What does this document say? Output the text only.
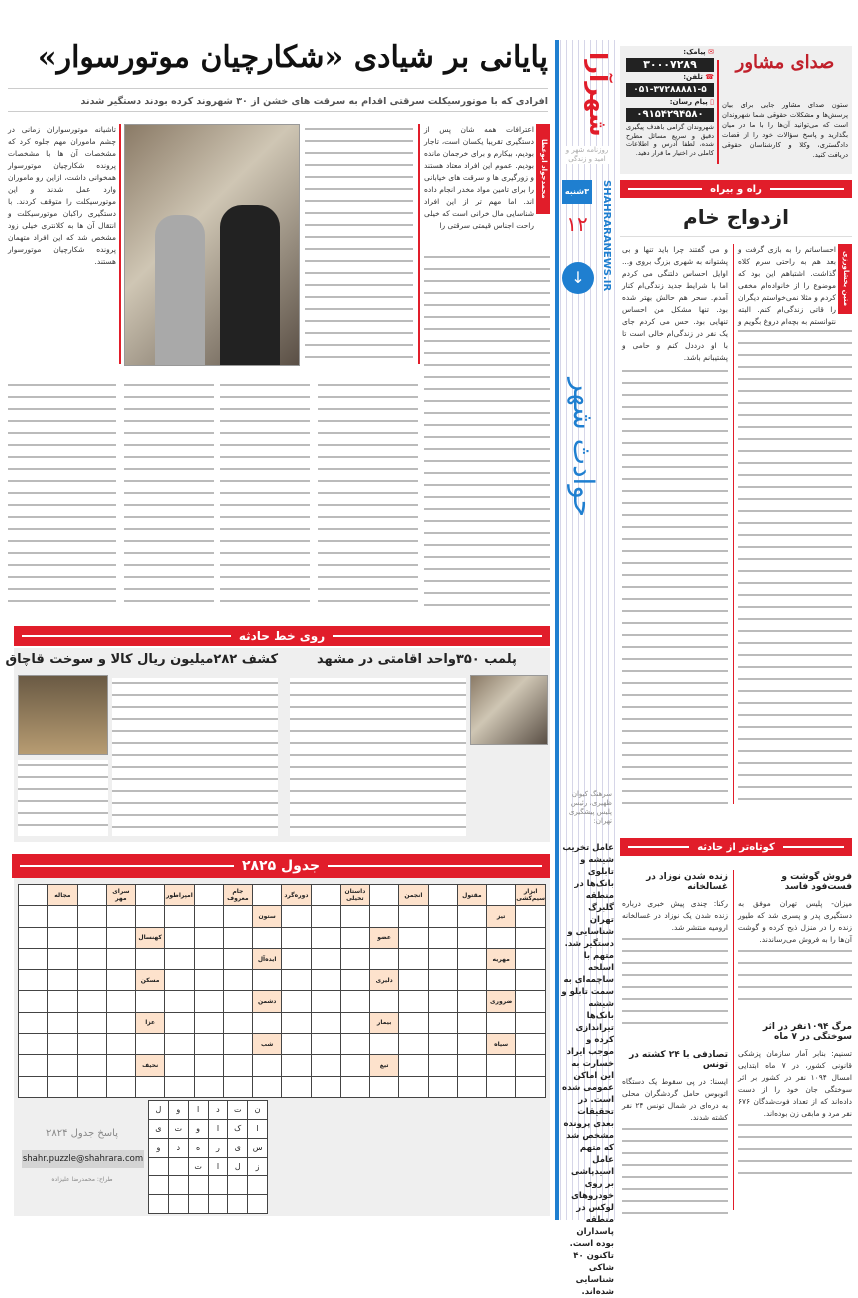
پایانی بر شیادی «شکارچیان موتورسوار»
افرادی که با موتورسیکلت سرقتی اقدام به سرقت های خشن از ۳۰ شهروند کرده بودند دستگیر شدند
تاشیانه موتورسواران زمانی در چشم ماموران مهم جلوه کرد که مشخصات آن ها با مشخصات پرونده شکارچیان موتورسوار همخوانی داشت، ازاین رو ماموران وارد عمل شدند و این موتورسیکلت را متوقف کردند. با دستگیری راکبان موتورسیکلت و انتقال آن ها به کلانتری خیلی زود مشخص شد که این افراد متهمان پرونده شکارچیان موتورسوار هستند.
اعترافات همه شان پس از دستگیری تقریبا یکسان است، تاجار بودیم، بیکارم و برای خرجمان مانده بودیم. عموم این افراد معتاد هستند و زورگیری ها و سرقت های خیابانی را برای تامین مواد مخدر انجام داده اند. اما مهم تر از این افراد شناسایی مال خرانی است که خیلی راحت اجناس قیمتی سرقتی را
محمدجواد ابوعطا
روی خط حادثه
پلمب ۳۵۰واحد اقامتی در مشهد
کشف ۲۸۲میلیون ریال کالا و سوخت قاچاق
جدول ۲۸۲۵
ابزار سیم‌کشی
مقتول
انجمن
داستان تخیلی
دوره‌گرد
جام معروف
امپراطور
سرای مهر
مجاله
تیز
ستون
عضو
کهنسال
مهریه
ایده‌آل
دلیری
مسکن
ضروری
دشمن
بیمار
عزا
سیاه
شب
تیغ
نحیف
ن
ت
د
ا
و
ل
ا
ک
ا
و
ت
ی
س
ی
ر
ه
د
و
ز
ل
ا
ت
پاسخ جدول ۲۸۲۴
shahr.puzzle@shahrara.com
طراح: محمدرضا علیزاده
شهرآرا
روزنامه شهر و امید و زندگی
۳شنبه	SHAHRARANEWS.IR
۱۲
↓
حوادث شهر
سرهنگ کیوان ظهیری، رئیس پلیس پیشگیری تهران:
عامل تخریب شیشه و تابلوی بانک‌ها در منطقه گلبرگ تهران شناسایی و دستگیر شد. متهم با اسلحه ساچمه‌ای به سمت تابلو و شیشه بانک‌ها تیراندازی کرده و موجب ایراد خسارت به این اماکن عمومی شده است. در تحقیقات بعدی پرونده مشخص شد که متهم عامل اسیدپاشی بر روی خودروهای لوکس در منطقه پاسداران بوده است. تاکنون ۴۰ شاکی شناسایی شده‌اند.
صدای مشاور
ستون صدای مشاور جایی برای بیان پرسش‌ها و مشکلات حقوقی شما شهروندان است که می‌توانید آن‌ها را با ما در میان بگذارید و پاسخ سؤالات خود را از قضات دادگستری، وکلا و کارشناسان حقوقی دریافت کنید.
✉ پیامک:
۳۰۰۰۷۲۸۹
☎ تلفن:
۰۵۱-۳۷۲۸۸۸۸۱-۵
▯ پیام رسان:
۰۹۱۵۴۲۹۴۵۸۰
شهروندان گرامی باهدف پیگیری دقیق و سریع مسائل مطرح شده، لطفا آدرس و اطلاعات کاملی در اختیار ما قرار دهید.
راه و بیراه
ازدواج خام
متین بخشاورزی
احساساتم را به بازی گرفت و بعد هم به راحتی سرم کلاه گذاشت. اشتباهم این بود که موضوع را از خانواده‌ام مخفی کردم و مثلا نمی‌خواستم دیگران را قاتی زندگی‌ام کنم. البته نتوانستم به بچه‌ام دروغ بگویم و
و می گفتند چرا باید تنها و بی پشتوانه به شهری بزرگ بروی و... اوایل احساس دلتنگی می کردم اما با شرایط جدید زندگی‌ام کنار آمدم. سحر هم حالش بهتر شده بود. تنها مشکل من احساس تنهایی بود. حس می کردم جای یک نفر در زندگی‌ام خالی است تا با او درددل کنم و حامی و پشتیبانم باشد.
کوتاه‌تر از حادثه
فروش گوشت و فست‌فود فاسد
میزان- پلیس تهران موفق به دستگیری پدر و پسری شد که طیور زنده را در منزل ذبح کرده و گوشت آن‌ها را به فروش می‌رساندند.
مرگ ۱۰۹۴نفر در اثر سوختگی در ۷ ماه
تسنیم: بنابر آمار سازمان پزشکی قانونی کشور، در ۷ ماه ابتدایی امسال ۱۰۹۴ نفر در کشور بر اثر سوختگی جان خود را از دست داده‌اند که از تعداد فوت‌شدگان ۶۷۶ نفر مرد و مابقی زن بوده‌اند.
زنده شدن نوزاد در غسالخانه
رکنا: چندی پیش خبری درباره زنده شدن یک نوزاد در غسالخانه ارومیه منتشر شد.
تصادفی با ۲۴ کشته در تونس
ایسنا: در پی سقوط یک دستگاه اتوبوس حامل گردشگران محلی به دره‌ای در شمال تونس ۲۴ نفر کشته شدند.
